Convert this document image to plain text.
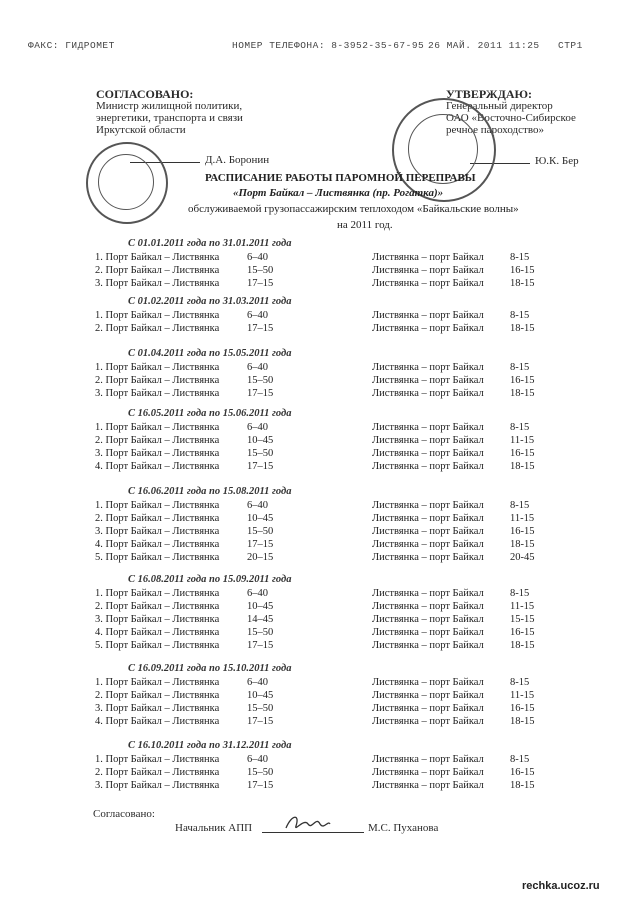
ФАКС: ГИДРОМЕТ	НОМЕР ТЕЛЕФОНА: 8-3952-35-67-95 26 МАЙ. 2011 11:25 СТР1
СОГЛАСОВАНО:
Министр жилищной политики,
энергетики, транспорта и связи
Иркутской области
Д.А. Боронин
УТВЕРЖДАЮ:
Генеральный директор
ОАО «Восточно-Сибирское
речное пароходство»
Ю.К. Бер
РАСПИСАНИЕ РАБОТЫ ПАРОМНОЙ ПЕРЕПРАВЫ
«Порт Байкал – Листвянка (пр. Рогатка)»
обслуживаемой грузопассажирским теплоходом «Байкальские волны»
на 2011 год.
С 01.01.2011 года по 31.01.2011 года
1. Порт Байкал – Листвянка	6–40	Листвянка – порт Байкал 8-15
2. Порт Байкал – Листвянка	15–50	Листвянка – порт Байкал 16-15
3. Порт Байкал – Листвянка	17–15	Листвянка – порт Байкал 18-15
С 01.02.2011 года по 31.03.2011 года
1. Порт Байкал – Листвянка	6–40	Листвянка – порт Байкал 8-15
2. Порт Байкал – Листвянка	17–15	Листвянка – порт Байкал 18-15
С 01.04.2011 года по 15.05.2011 года
1. Порт Байкал – Листвянка	6–40	Листвянка – порт Байкал 8-15
2. Порт Байкал – Листвянка	15–50	Листвянка – порт Байкал 16-15
3. Порт Байкал – Листвянка	17–15	Листвянка – порт Байкал 18-15
С 16.05.2011 года по 15.06.2011 года
1. Порт Байкал – Листвянка	6–40	Листвянка – порт Байкал 8-15
2. Порт Байкал – Листвянка	10–45	Листвянка – порт Байкал 11-15
3. Порт Байкал – Листвянка	15–50	Листвянка – порт Байкал 16-15
4. Порт Байкал – Листвянка	17–15	Листвянка – порт Байкал 18-15
С 16.06.2011 года по 15.08.2011 года
1. Порт Байкал – Листвянка	6–40	Листвянка – порт Байкал 8-15
2. Порт Байкал – Листвянка	10–45	Листвянка – порт Байкал 11-15
3. Порт Байкал – Листвянка	15–50	Листвянка – порт Байкал 16-15
4. Порт Байкал – Листвянка	17–15	Листвянка – порт Байкал 18-15
5. Порт Байкал – Листвянка	20–15	Листвянка – порт Байкал 20-45
С 16.08.2011 года по 15.09.2011 года
1. Порт Байкал – Листвянка	6–40	Листвянка – порт Байкал 8-15
2. Порт Байкал – Листвянка	10–45	Листвянка – порт Байкал 11-15
3. Порт Байкал – Листвянка	14–45	Листвянка – порт Байкал 15-15
4. Порт Байкал – Листвянка	15–50	Листвянка – порт Байкал 16-15
5. Порт Байкал – Листвянка	17–15	Листвянка – порт Байкал 18-15
С 16.09.2011 года по 15.10.2011 года
1. Порт Байкал – Листвянка	6–40	Листвянка – порт Байкал 8-15
2. Порт Байкал – Листвянка	10–45	Листвянка – порт Байкал 11-15
3. Порт Байкал – Листвянка	15–50	Листвянка – порт Байкал 16-15
4. Порт Байкал – Листвянка	17–15	Листвянка – порт Байкал 18-15
С 16.10.2011 года по 31.12.2011 года
1. Порт Байкал – Листвянка	6–40	Листвянка – порт Байкал 8-15
2. Порт Байкал – Листвянка	15–50	Листвянка – порт Байкал 16-15
3. Порт Байкал – Листвянка	17–15	Листвянка – порт Байкал 18-15
Согласовано:
Начальник АПП	М.С. Пуханова
rechka.ucoz.ru
